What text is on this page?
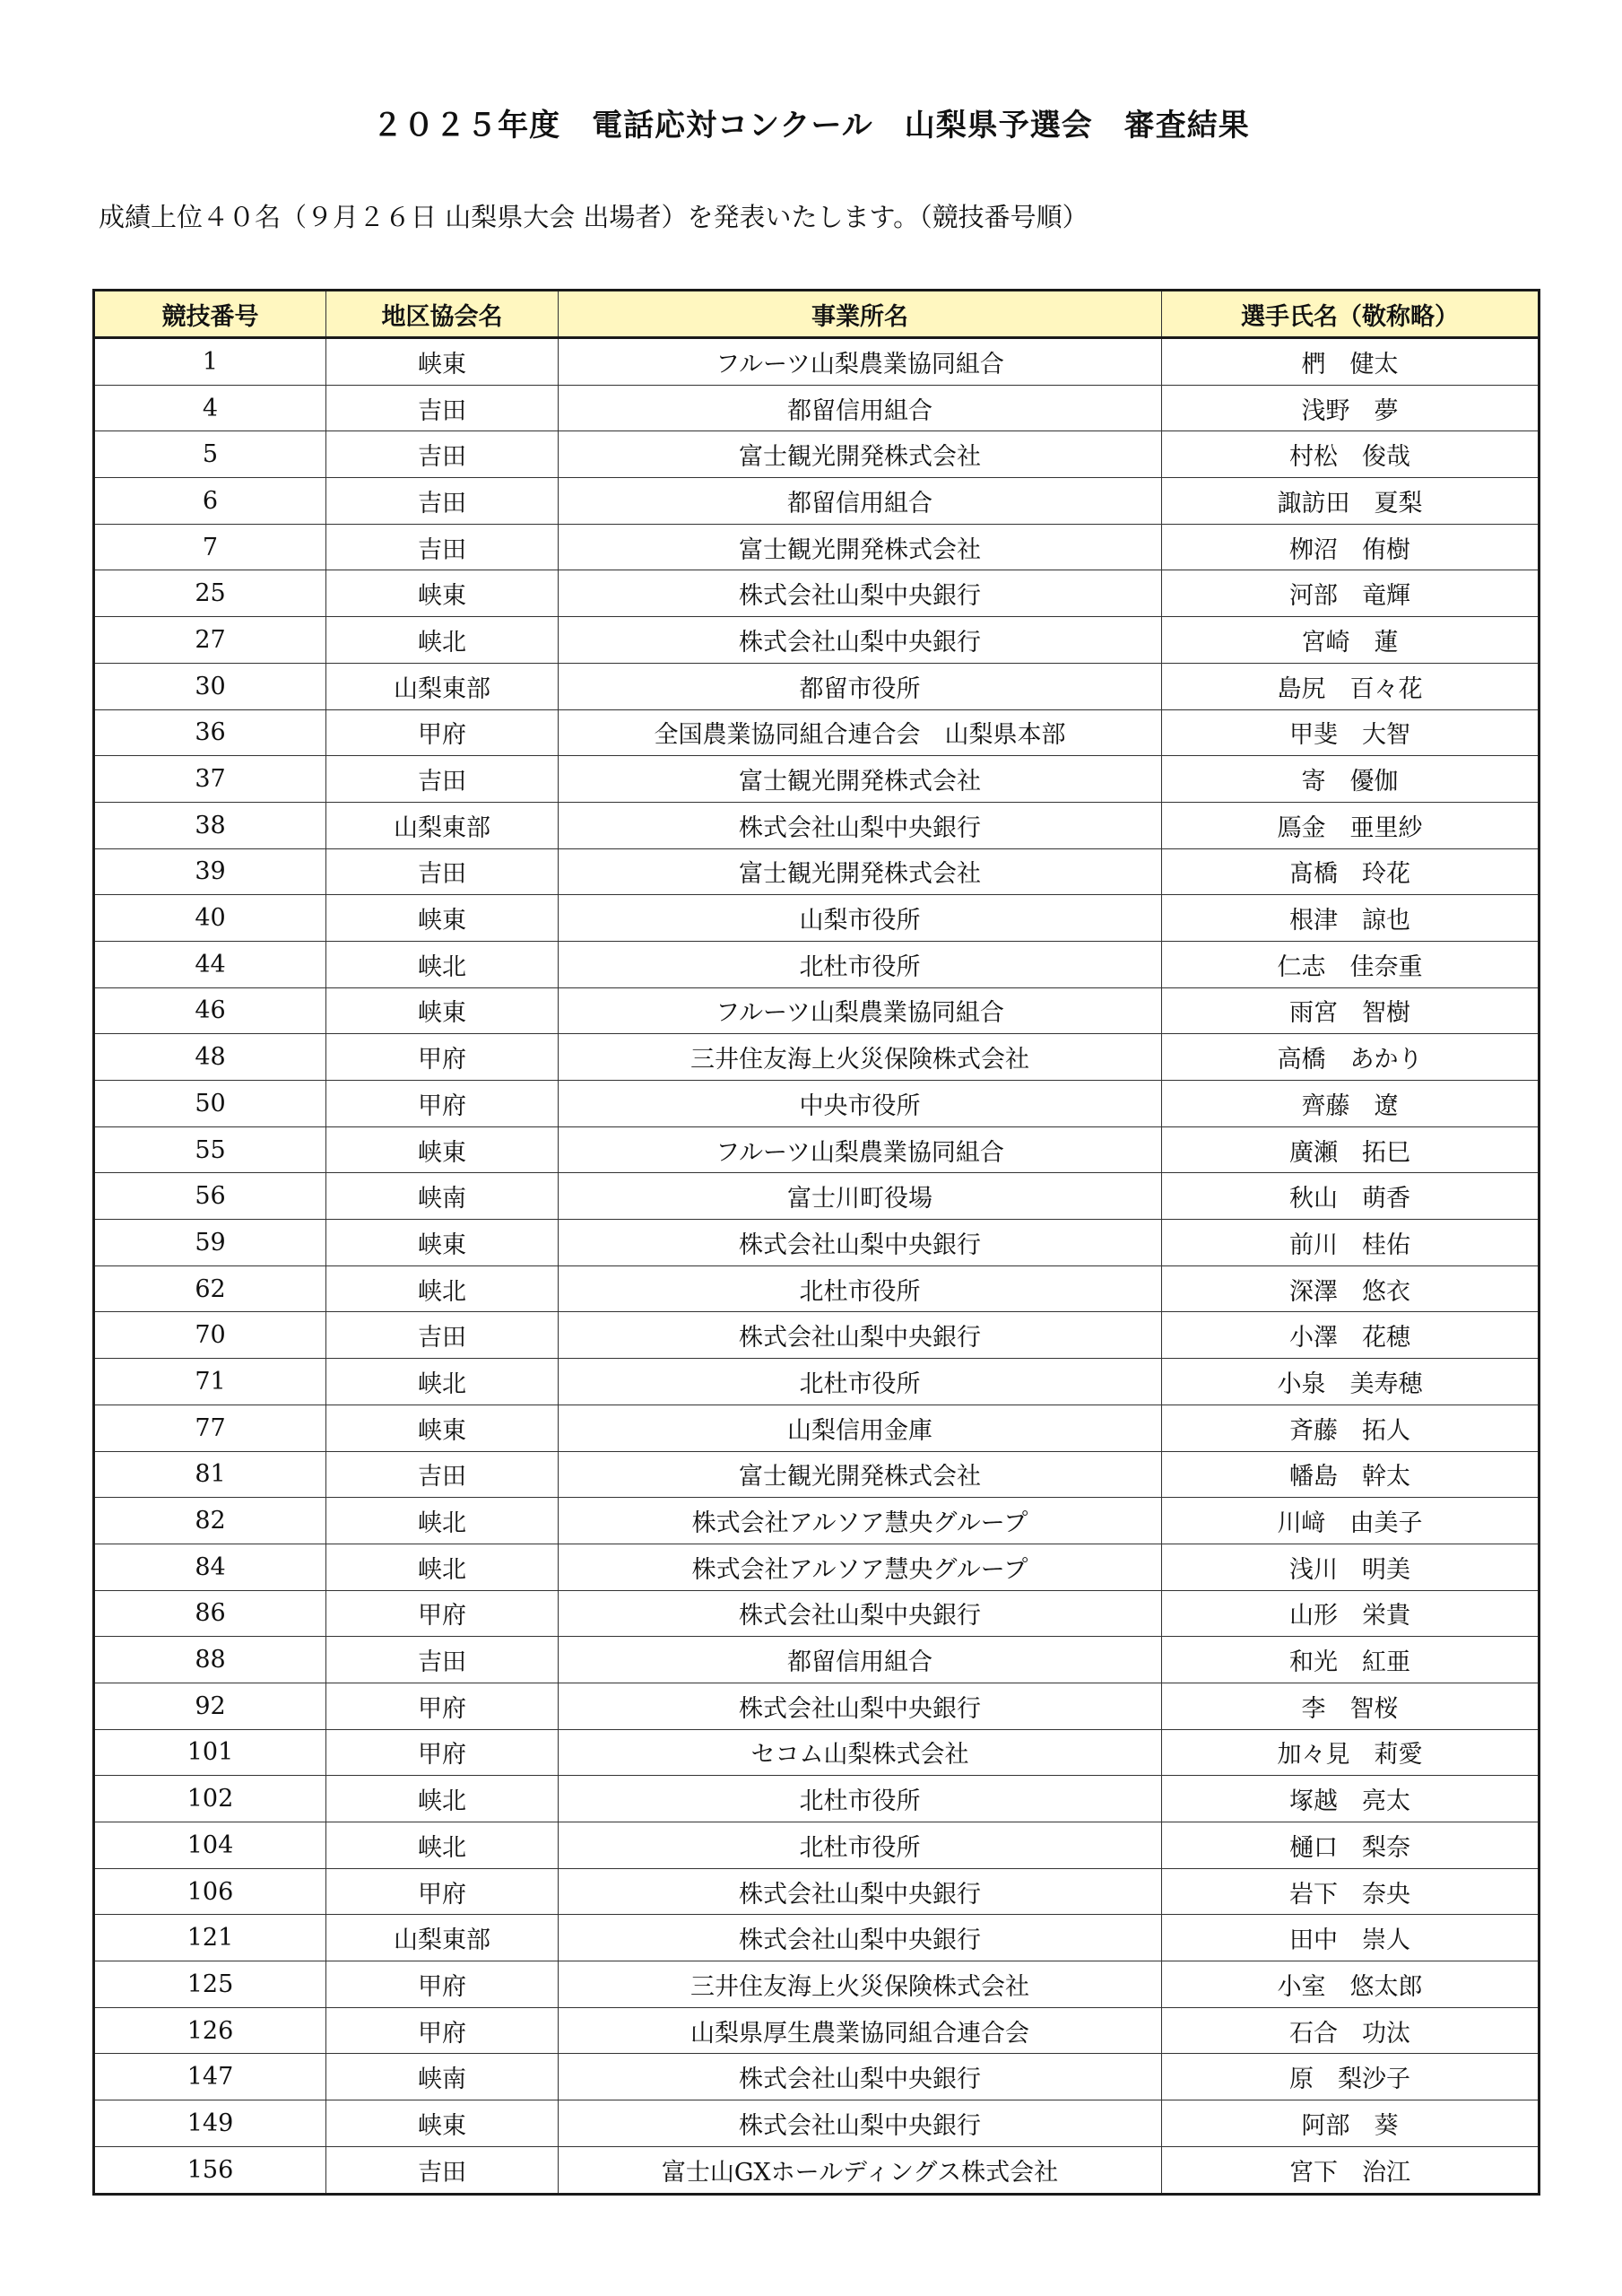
２０２５年度　電話応対コンクール　山梨県予選会　審査結果
成績上位４０名（９月２６日 山梨県大会 出場者）を発表いたします。（競技番号順）
競技番号	地区協会名	事業所名	選手氏名（敬称略）
1	峡東	フルーツ山梨農業協同組合	椚　健太
4	吉田	都留信用組合	浅野　夢
5	吉田	富士観光開発株式会社	村松　俊哉
6	吉田	都留信用組合	諏訪田　夏梨
7	吉田	富士観光開発株式会社	栁沼　侑樹
25	峡東	株式会社山梨中央銀行	河部　竜輝
27	峡北	株式会社山梨中央銀行	宮崎　蓮
30	山梨東部	都留市役所	島尻　百々花
36	甲府	全国農業協同組合連合会　山梨県本部	甲斐　大智
37	吉田	富士観光開発株式会社	寄　優伽
38	山梨東部	株式会社山梨中央銀行	鳫金　亜里紗
39	吉田	富士観光開発株式会社	髙橋　玲花
40	峡東	山梨市役所	根津　諒也
44	峡北	北杜市役所	仁志　佳奈重
46	峡東	フルーツ山梨農業協同組合	雨宮　智樹
48	甲府	三井住友海上火災保険株式会社	高橋　あかり
50	甲府	中央市役所	齊藤　遼
55	峡東	フルーツ山梨農業協同組合	廣瀬　拓巳
56	峡南	富士川町役場	秋山　萌香
59	峡東	株式会社山梨中央銀行	前川　桂佑
62	峡北	北杜市役所	深澤　悠衣
70	吉田	株式会社山梨中央銀行	小澤　花穂
71	峡北	北杜市役所	小泉　美寿穂
77	峡東	山梨信用金庫	斉藤　拓人
81	吉田	富士観光開発株式会社	幡島　幹太
82	峡北	株式会社アルソア慧央グループ	川﨑　由美子
84	峡北	株式会社アルソア慧央グループ	浅川　明美
86	甲府	株式会社山梨中央銀行	山形　栄貴
88	吉田	都留信用組合	和光　紅亜
92	甲府	株式会社山梨中央銀行	李　智桜
101	甲府	セコム山梨株式会社	加々見　莉愛
102	峡北	北杜市役所	塚越　亮太
104	峡北	北杜市役所	樋口　梨奈
106	甲府	株式会社山梨中央銀行	岩下　奈央
121	山梨東部	株式会社山梨中央銀行	田中　崇人
125	甲府	三井住友海上火災保険株式会社	小室　悠太郎
126	甲府	山梨県厚生農業協同組合連合会	石合　功汰
147	峡南	株式会社山梨中央銀行	原　梨沙子
149	峡東	株式会社山梨中央銀行	阿部　葵
156	吉田	富士山GXホールディングス株式会社	宮下　治江
